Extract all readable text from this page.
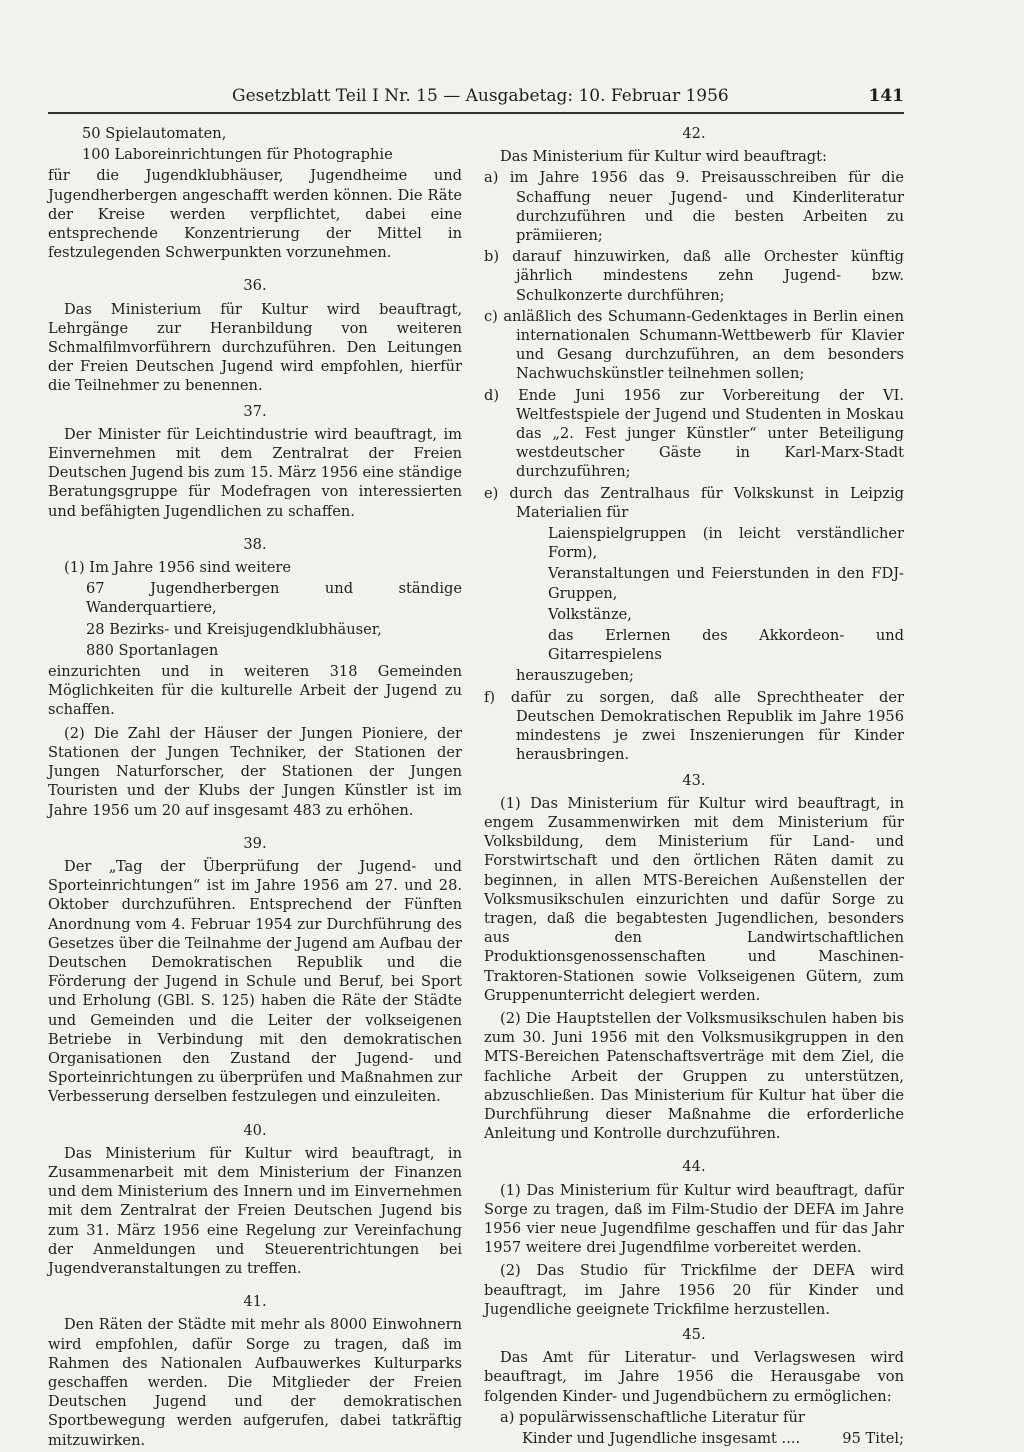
Gesetzblatt Teil I Nr. 15 — Ausgabetag: 10. Februar 1956	141
50 Spielautomaten,
100 Laboreinrichtungen für Photographie
für die Jugendklubhäuser, Jugendheime und Jugendherbergen angeschafft werden können. Die Räte der Kreise werden verpflichtet, dabei eine entsprechende Konzentrierung der Mittel in festzulegenden Schwerpunkten vorzunehmen.
36.
Das Ministerium für Kultur wird beauftragt, Lehrgänge zur Heranbildung von weiteren Schmalfilmvorführern durchzuführen. Den Leitungen der Freien Deutschen Jugend wird empfohlen, hierfür die Teilnehmer zu benennen.
37.
Der Minister für Leichtindustrie wird beauftragt, im Einvernehmen mit dem Zentralrat der Freien Deutschen Jugend bis zum 15. März 1956 eine ständige Beratungsgruppe für Modefragen von interessierten und befähigten Jugendlichen zu schaffen.
38.
(1) Im Jahre 1956 sind weitere
67 Jugendherbergen und ständige Wanderquartiere,
28 Bezirks- und Kreisjugendklubhäuser,
880 Sportanlagen
einzurichten und in weiteren 318 Gemeinden Möglichkeiten für die kulturelle Arbeit der Jugend zu schaffen.
(2) Die Zahl der Häuser der Jungen Pioniere, der Stationen der Jungen Techniker, der Stationen der Jungen Naturforscher, der Stationen der Jungen Touristen und der Klubs der Jungen Künstler ist im Jahre 1956 um 20 auf insgesamt 483 zu erhöhen.
39.
Der „Tag der Überprüfung der Jugend- und Sporteinrichtungen“ ist im Jahre 1956 am 27. und 28. Oktober durchzuführen. Entsprechend der Fünften Anordnung vom 4. Februar 1954 zur Durchführung des Gesetzes über die Teilnahme der Jugend am Aufbau der Deutschen Demokratischen Republik und die Förderung der Jugend in Schule und Beruf, bei Sport und Erholung (GBl. S. 125) haben die Räte der Städte und Gemeinden und die Leiter der volkseigenen Betriebe in Verbindung mit den demokratischen Organisationen den Zustand der Jugend- und Sporteinrichtungen zu überprüfen und Maßnahmen zur Verbesserung derselben festzulegen und einzuleiten.
40.
Das Ministerium für Kultur wird beauftragt, in Zusammenarbeit mit dem Ministerium der Finanzen und dem Ministerium des Innern und im Einvernehmen mit dem Zentralrat der Freien Deutschen Jugend bis zum 31. März 1956 eine Regelung zur Vereinfachung der Anmeldungen und Steuerentrichtungen bei Jugendveranstaltungen zu treffen.
41.
Den Räten der Städte mit mehr als 8000 Einwohnern wird empfohlen, dafür Sorge zu tragen, daß im Rahmen des Nationalen Aufbauwerkes Kulturparks geschaffen werden. Die Mitglieder der Freien Deutschen Jugend und der demokratischen Sportbewegung werden aufgerufen, dabei tatkräftig mitzuwirken.
42.
Das Ministerium für Kultur wird beauftragt:
a) im Jahre 1956 das 9. Preisausschreiben für die Schaffung neuer Jugend- und Kinderliteratur durchzuführen und die besten Arbeiten zu prämiieren;
b) darauf hinzuwirken, daß alle Orchester künftig jährlich mindestens zehn Jugend- bzw. Schulkonzerte durchführen;
c) anläßlich des Schumann-Gedenktages in Berlin einen internationalen Schumann-Wettbewerb für Klavier und Gesang durchzuführen, an dem besonders Nachwuchskünstler teilnehmen sollen;
d) Ende Juni 1956 zur Vorbereitung der VI. Weltfestspiele der Jugend und Studenten in Moskau das „2. Fest junger Künstler“ unter Beteiligung westdeutscher Gäste in Karl-Marx-Stadt durchzuführen;
e) durch das Zentralhaus für Volkskunst in Leipzig Materialien für
Laienspielgruppen (in leicht verständlicher Form),
Veranstaltungen und Feierstunden in den FDJ-Gruppen,
Volkstänze,
das Erlernen des Akkordeon- und Gitarrespielens
herauszugeben;
f) dafür zu sorgen, daß alle Sprechtheater der Deutschen Demokratischen Republik im Jahre 1956 mindestens je zwei Inszenierungen für Kinder herausbringen.
43.
(1) Das Ministerium für Kultur wird beauftragt, in engem Zusammenwirken mit dem Ministerium für Volksbildung, dem Ministerium für Land- und Forstwirtschaft und den örtlichen Räten damit zu beginnen, in allen MTS-Bereichen Außenstellen der Volksmusikschulen einzurichten und dafür Sorge zu tragen, daß die begabtesten Jugendlichen, besonders aus den Landwirtschaftlichen Produktionsgenossenschaften und Maschinen-Traktoren-Stationen sowie Volkseigenen Gütern, zum Gruppenunterricht delegiert werden.
(2) Die Hauptstellen der Volksmusikschulen haben bis zum 30. Juni 1956 mit den Volksmusikgruppen in den MTS-Bereichen Patenschaftsverträge mit dem Ziel, die fachliche Arbeit der Gruppen zu unterstützen, abzuschließen. Das Ministerium für Kultur hat über die Durchführung dieser Maßnahme die erforderliche Anleitung und Kontrolle durchzuführen.
44.
(1) Das Ministerium für Kultur wird beauftragt, dafür Sorge zu tragen, daß im Film-Studio der DEFA im Jahre 1956 vier neue Jugendfilme geschaffen und für das Jahr 1957 weitere drei Jugendfilme vorbereitet werden.
(2) Das Studio für Trickfilme der DEFA wird beauftragt, im Jahre 1956 20 für Kinder und Jugendliche geeignete Trickfilme herzustellen.
45.
Das Amt für Literatur- und Verlagswesen wird beauftragt, im Jahre 1956 die Herausgabe von folgenden Kinder- und Jugendbüchern zu ermöglichen:
a) populärwissenschaftliche Literatur für
Kinder und Jugendliche insgesamt ....	95 Titel;
